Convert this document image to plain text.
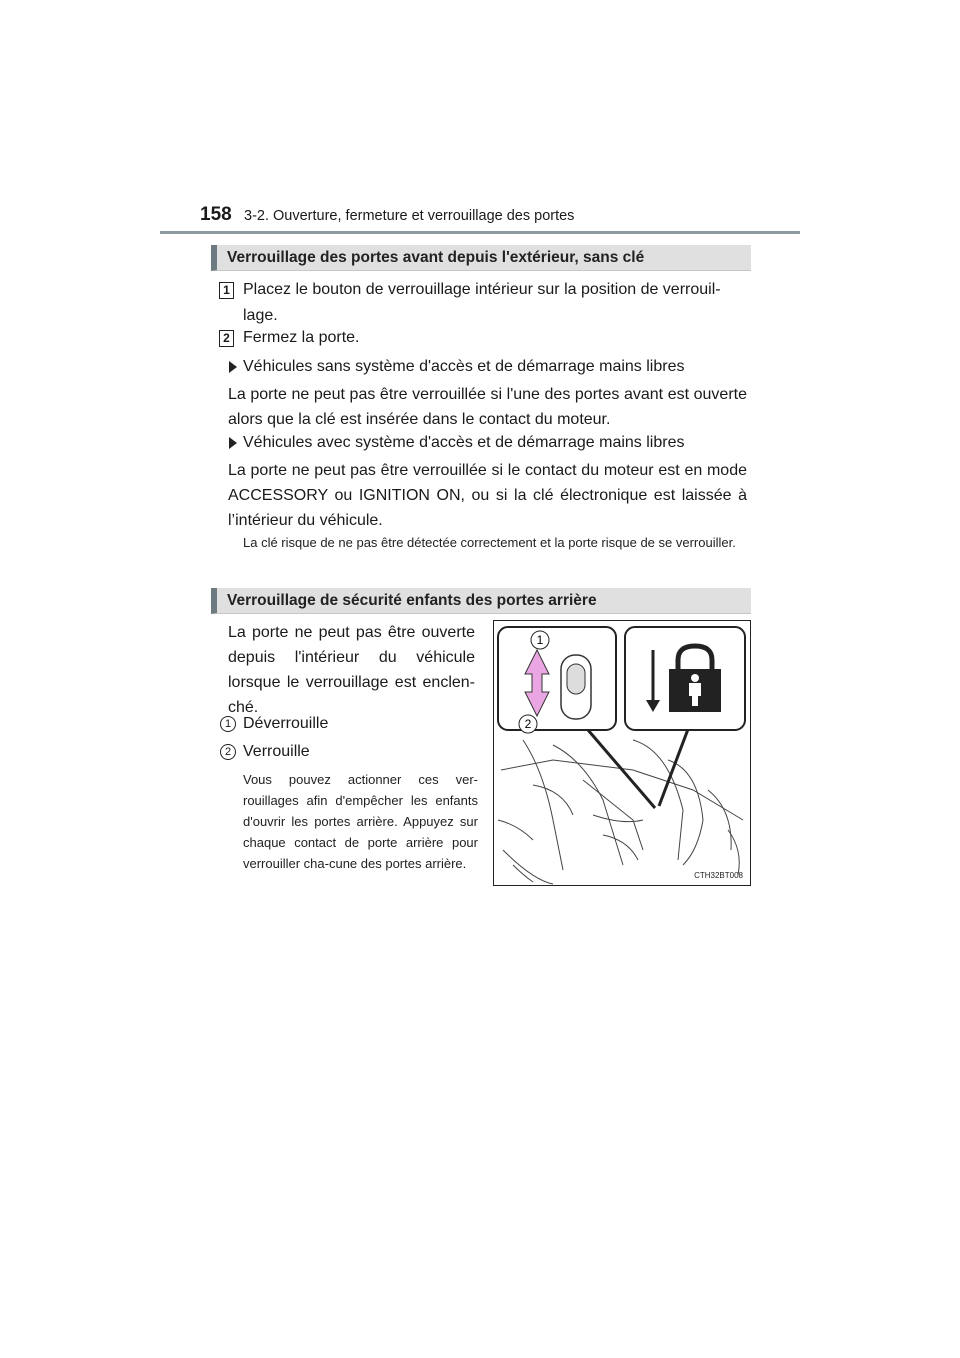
158 3-2. Ouverture, fermeture et verrouillage des portes
Verrouillage des portes avant depuis l'extérieur, sans clé
1 Placez le bouton de verrouillage intérieur sur la position de verrouil-
lage.
2 Fermez la porte.
Véhicules sans système d'accès et de démarrage mains libres
La porte ne peut pas être verrouillée si l'une des portes avant est ouverte alors que la clé est insérée dans le contact du moteur.
Véhicules avec système d'accès et de démarrage mains libres
La porte ne peut pas être verrouillée si le contact du moteur est en mode ACCESSORY ou IGNITION ON, ou si la clé électronique est laissée à l’intérieur du véhicule.
La clé risque de ne pas être détectée correctement et la porte risque de se verrouiller.
Verrouillage de sécurité enfants des portes arrière
La porte ne peut pas être ouverte depuis l'intérieur du véhicule lorsque le verrouillage est enclen-ché.
1 Déverrouille
2 Verrouille
Vous pouvez actionner ces ver-rouillages afin d'empêcher les enfants d'ouvrir les portes arrière. Appuyez sur chaque contact de porte arrière pour verrouiller cha-cune des portes arrière.
1
2
CTH32BT008
